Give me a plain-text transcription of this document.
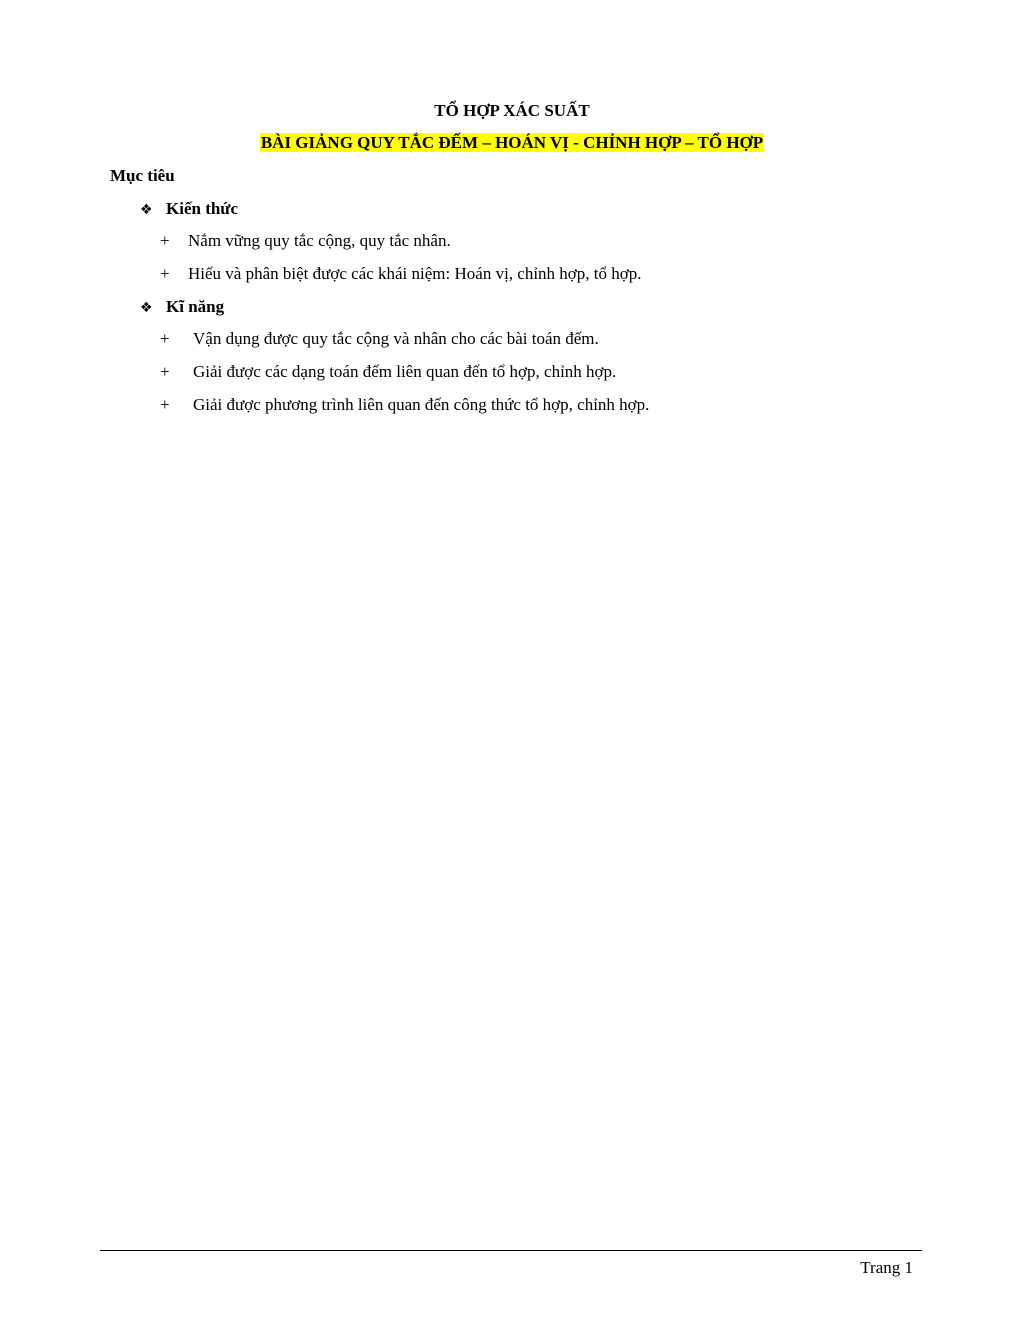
TỔ HỢP XÁC SUẤT
BÀI GIẢNG QUY TẮC ĐẾM – HOÁN VỊ - CHỈNH HỢP – TỔ HỢP
Mục tiêu
❖ Kiến thức
+ Nắm vững quy tắc cộng, quy tắc nhân.
+ Hiểu và phân biệt được các khái niệm: Hoán vị, chỉnh hợp, tổ hợp.
❖ Kĩ năng
+ Vận dụng được quy tắc cộng và nhân cho các bài toán đếm.
+ Giải được các dạng toán đếm liên quan đến tổ hợp, chỉnh hợp.
+ Giải được phương trình liên quan đến công thức tổ hợp, chỉnh hợp.
Trang 1
